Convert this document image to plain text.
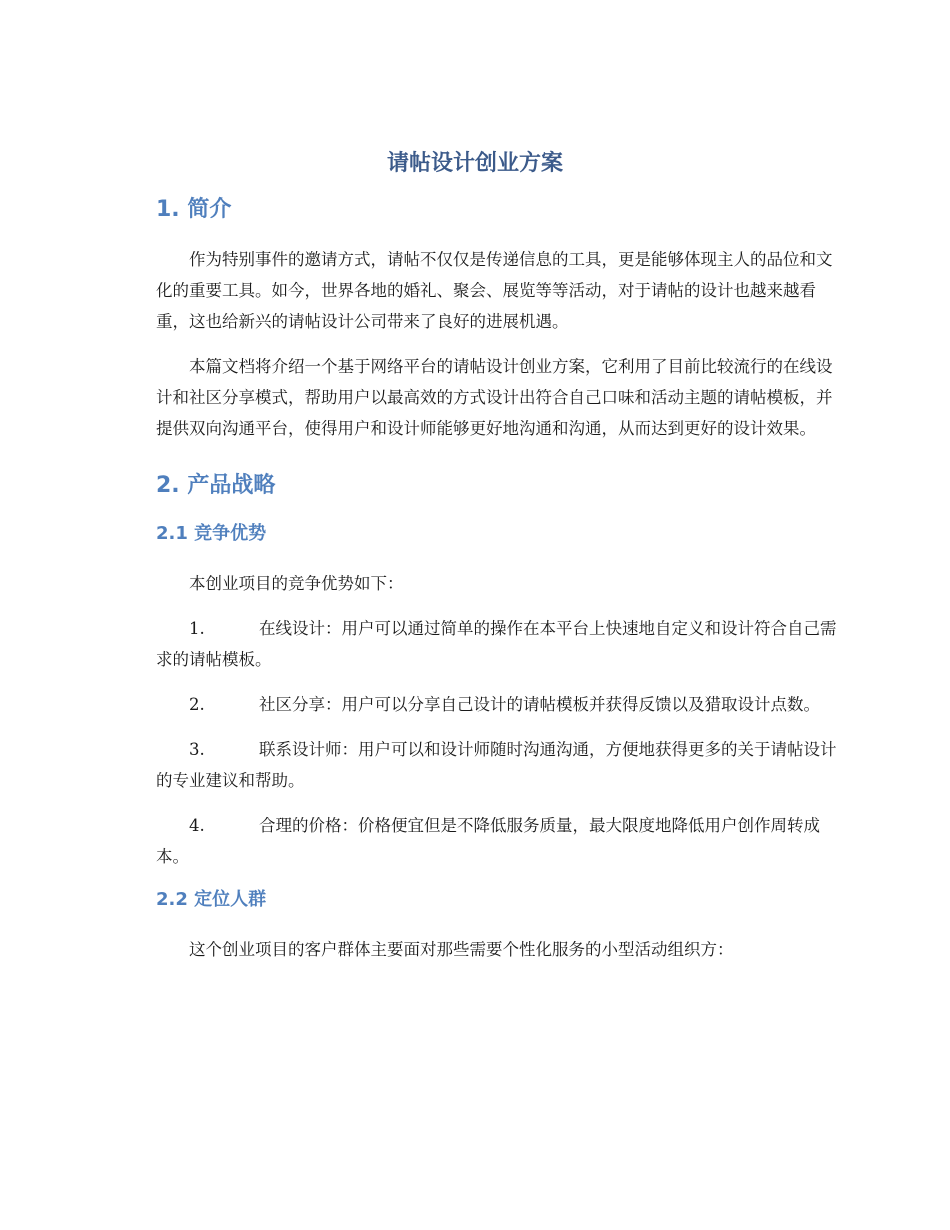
请帖设计创业方案
1. 简介

作为特别事件的邀请方式，请帖不仅仅是传递信息的工具，更是能够体现主人的品位和文化的重要工具。如今，世界各地的婚礼、聚会、展览等等活动，对于请帖的设计也越来越看重，这也给新兴的请帖设计公司带来了良好的进展机遇。

本篇文档将介绍一个基于网络平台的请帖设计创业方案，它利用了目前比较流行的在线设计和社区分享模式，帮助用户以最高效的方式设计出符合自己口味和活动主题的请帖模板，并提供双向沟通平台，使得用户和设计师能够更好地沟通和沟通，从而达到更好的设计效果。

2. 产品战略
2.1 竞争优势

本创业项目的竞争优势如下：

1.	在线设计：用户可以通过简单的操作在本平台上快速地自定义和设计符合自己需求的请帖模板。

2.	社区分享：用户可以分享自己设计的请帖模板并获得反馈以及猎取设计点数。

3.	联系设计师：用户可以和设计师随时沟通沟通，方便地获得更多的关于请帖设计的专业建议和帮助。

4.	合理的价格：价格便宜但是不降低服务质量，最大限度地降低用户创作周转成本。

2.2 定位人群

这个创业项目的客户群体主要面对那些需要个性化服务的小型活动组织方：
